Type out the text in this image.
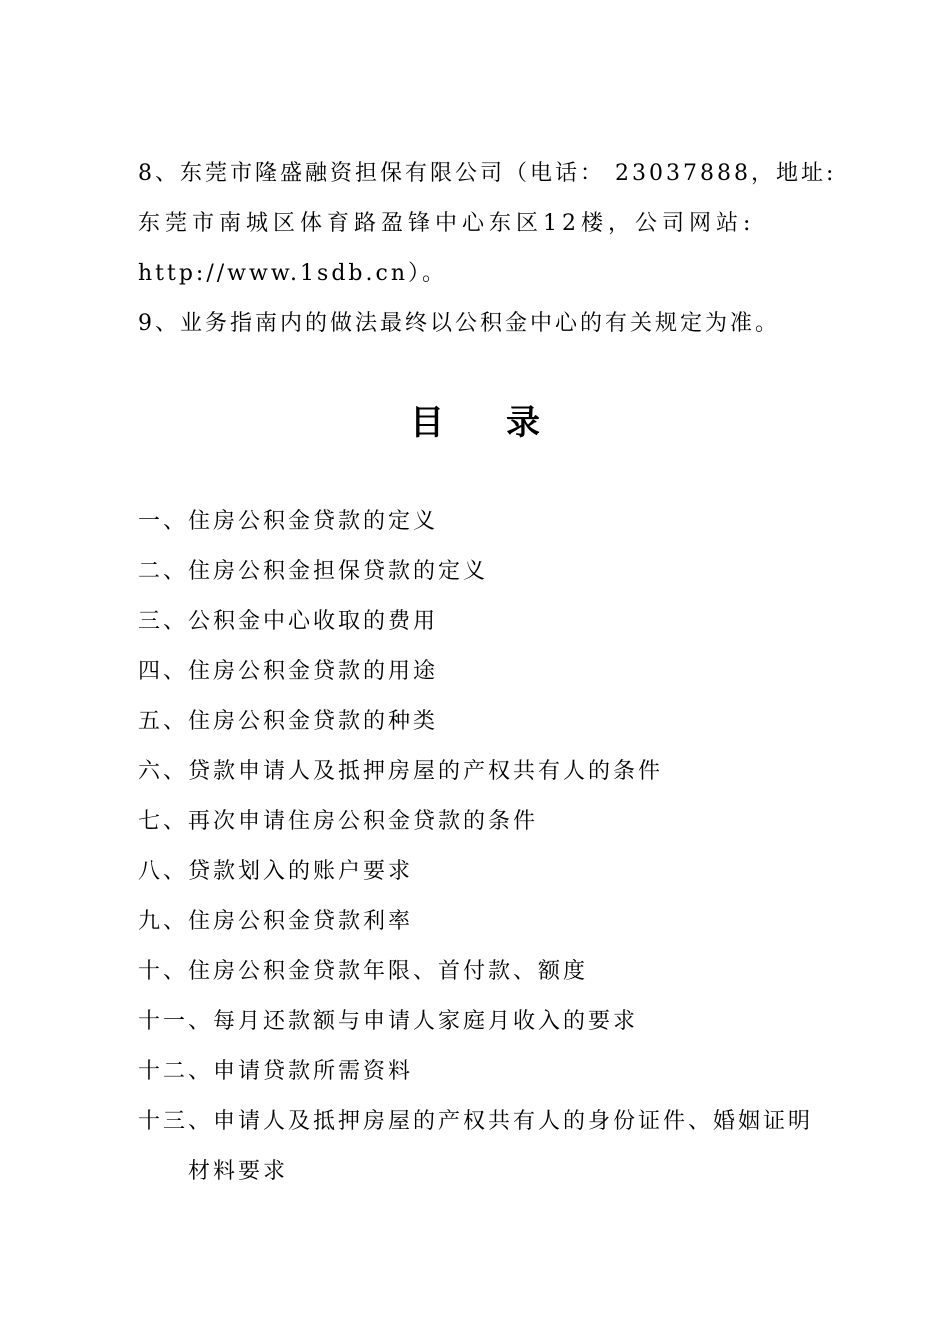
8、东莞市隆盛融资担保有限公司（电话： 23037888，地址:
东莞市南城区体育路盈锋中心东区12楼，公司网站:
http://www.1sdb.cn）。
9、业务指南内的做法最终以公积金中心的有关规定为准。
目 录
一、住房公积金贷款的定义
二、住房公积金担保贷款的定义
三、公积金中心收取的费用
四、住房公积金贷款的用途
五、住房公积金贷款的种类
六、贷款申请人及抵押房屋的产权共有人的条件
七、再次申请住房公积金贷款的条件
八、贷款划入的账户要求
九、住房公积金贷款利率
十、住房公积金贷款年限、首付款、额度
十一、每月还款额与申请人家庭月收入的要求
十二、申请贷款所需资料
十三、申请人及抵押房屋的产权共有人的身份证件、婚姻证明
材料要求
